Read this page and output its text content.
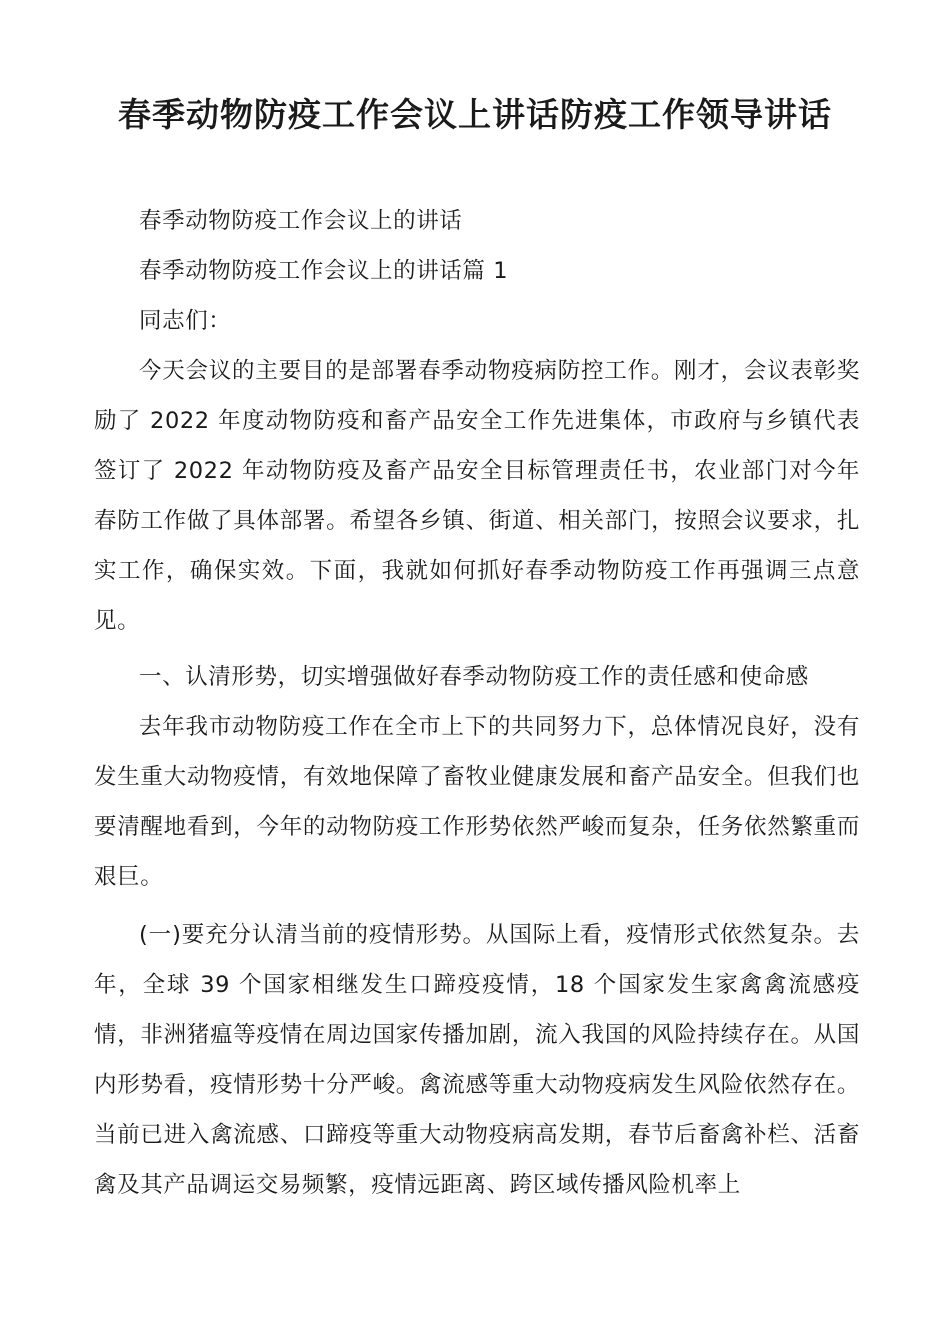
春季动物防疫工作会议上讲话防疫工作领导讲话

春季动物防疫工作会议上的讲话

春季动物防疫工作会议上的讲话篇 1

同志们：

今天会议的主要目的是部署春季动物疫病防控工作。刚才，会议表彰奖励了 2022 年度动物防疫和畜产品安全工作先进集体，市政府与乡镇代表签订了 2022 年动物防疫及畜产品安全目标管理责任书，农业部门对今年春防工作做了具体部署。希望各乡镇、街道、相关部门，按照会议要求，扎实工作，确保实效。下面，我就如何抓好春季动物防疫工作再强调三点意见。

一、认清形势，切实增强做好春季动物防疫工作的责任感和使命感

去年我市动物防疫工作在全市上下的共同努力下，总体情况良好，没有发生重大动物疫情，有效地保障了畜牧业健康发展和畜产品安全。但我们也要清醒地看到，今年的动物防疫工作形势依然严峻而复杂，任务依然繁重而艰巨。

(一)要充分认清当前的疫情形势。从国际上看，疫情形式依然复杂。去年，全球 39 个国家相继发生口蹄疫疫情，18 个国家发生家禽禽流感疫情，非洲猪瘟等疫情在周边国家传播加剧，流入我国的风险持续存在。从国内形势看，疫情形势十分严峻。禽流感等重大动物疫病发生风险依然存在。当前已进入禽流感、口蹄疫等重大动物疫病高发期，春节后畜禽补栏、活畜禽及其产品调运交易频繁，疫情远距离、跨区域传播风险机率上
